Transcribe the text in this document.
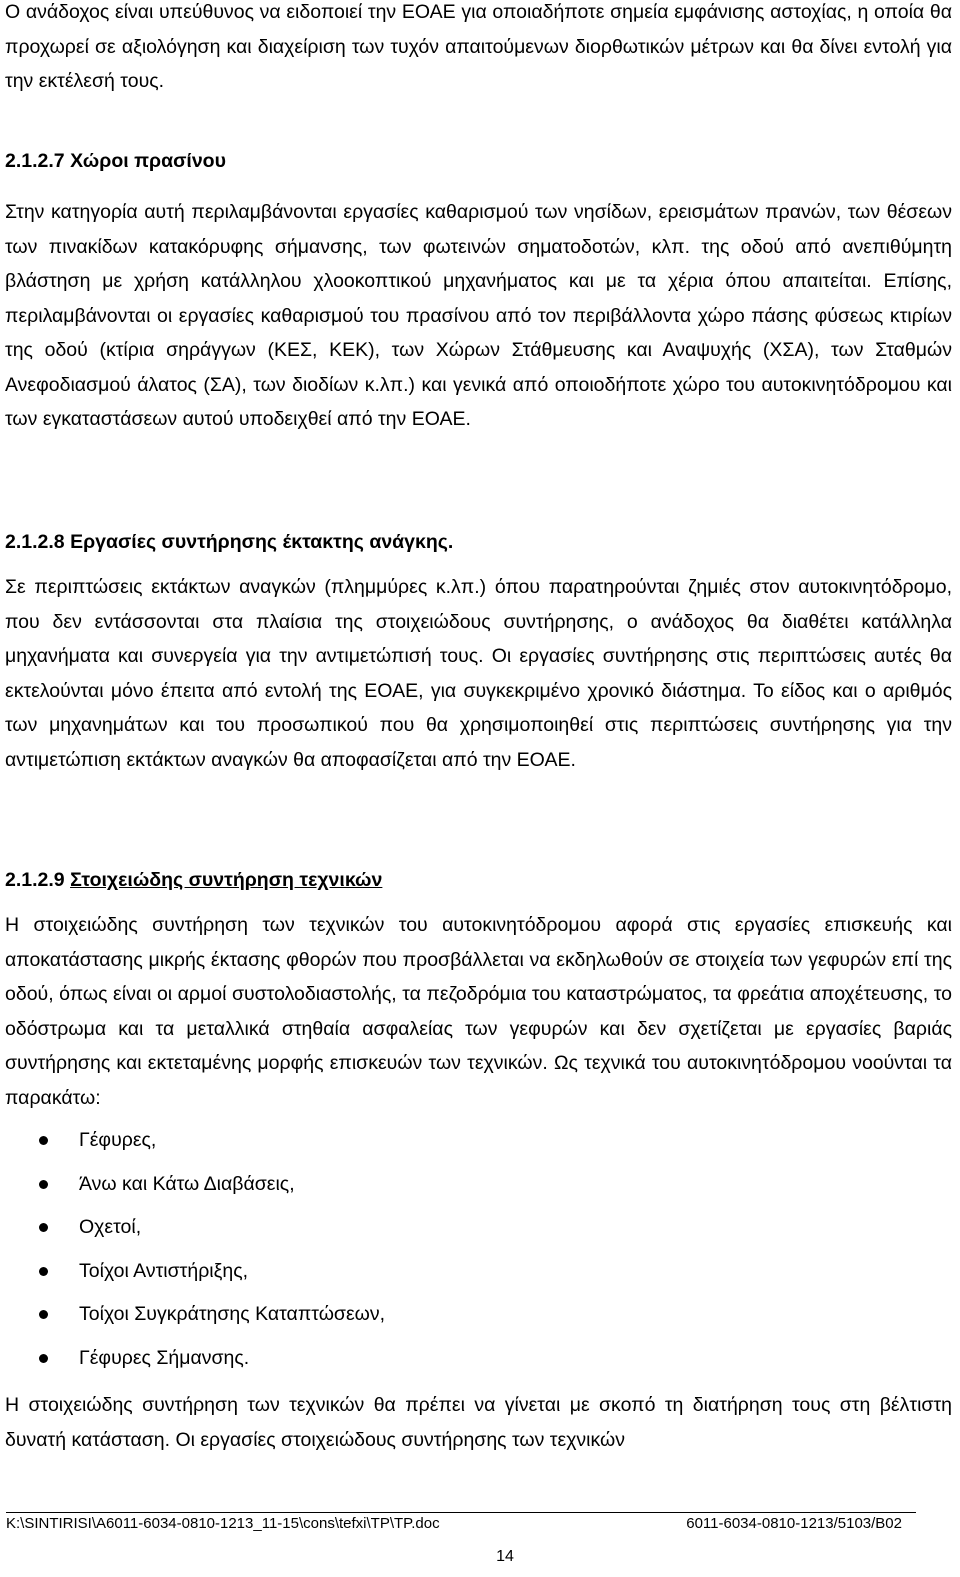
Ο ανάδοχος είναι υπεύθυνος να ειδοποιεί την ΕΟΑΕ για οποιαδήποτε σημεία εμφάνισης αστοχίας, η οποία θα προχωρεί σε αξιολόγηση και διαχείριση των τυχόν απαιτούμενων διορθωτικών μέτρων και θα δίνει εντολή για την εκτέλεσή τους.

2.1.2.7 Χώροι πρασίνου

Στην κατηγορία αυτή περιλαμβάνονται εργασίες καθαρισμού των νησίδων, ερεισμάτων πρανών, των θέσεων των πινακίδων κατακόρυφης σήμανσης, των φωτεινών σηματοδοτών, κλπ. της οδού από ανεπιθύμητη βλάστηση με χρήση κατάλληλου χλοοκοπτικού μηχανήματος και με τα χέρια όπου απαιτείται. Επίσης, περιλαμβάνονται οι εργασίες καθαρισμού του πρασίνου από τον περιβάλλοντα χώρο πάσης φύσεως κτιρίων της οδού (κτίρια σηράγγων (ΚΕΣ, ΚΕΚ), των Χώρων Στάθμευσης και Αναψυχής (ΧΣΑ), των Σταθμών Ανεφοδιασμού άλατος (ΣΑ), των διοδίων κ.λπ.) και γενικά από οποιοδήποτε χώρο του αυτοκινητόδρομου και των εγκαταστάσεων αυτού υποδειχθεί από την ΕΟΑΕ.

2.1.2.8 Εργασίες συντήρησης έκτακτης ανάγκης.

Σε περιπτώσεις εκτάκτων αναγκών (πλημμύρες κ.λπ.) όπου παρατηρούνται ζημιές στον αυτοκινητόδρομο, που δεν εντάσσονται στα πλαίσια της στοιχειώδους συντήρησης, ο ανάδοχος θα διαθέτει κατάλληλα μηχανήματα και συνεργεία για την αντιμετώπισή τους. Οι εργασίες συντήρησης στις περιπτώσεις αυτές θα εκτελούνται μόνο έπειτα από εντολή της ΕΟΑΕ, για συγκεκριμένο χρονικό διάστημα. Το είδος και ο αριθμός των μηχανημάτων και του προσωπικού που θα χρησιμοποιηθεί στις περιπτώσεις συντήρησης για την αντιμετώπιση εκτάκτων αναγκών θα αποφασίζεται από την ΕΟΑΕ.

2.1.2.9 Στοιχειώδης συντήρηση τεχνικών

Η στοιχειώδης συντήρηση των τεχνικών του αυτοκινητόδρομου αφορά στις εργασίες επισκευής και αποκατάστασης μικρής έκτασης φθορών που προσβάλλεται να εκδηλωθούν σε στοιχεία των γεφυρών επί της οδού, όπως είναι οι αρμοί συστολοδιαστολής, τα πεζοδρόμια του καταστρώματος, τα φρεάτια αποχέτευσης, το οδόστρωμα και τα μεταλλικά στηθαία ασφαλείας των γεφυρών και δεν σχετίζεται με εργασίες βαριάς συντήρησης και εκτεταμένης μορφής επισκευών των τεχνικών. Ως τεχνικά του αυτοκινητόδρομου νοούνται τα παρακάτω:

Γέφυρες,
Άνω και Κάτω Διαβάσεις,
Οχετοί,
Τοίχοι Αντιστήριξης,
Τοίχοι Συγκράτησης Καταπτώσεων,
Γέφυρες Σήμανσης.

Η στοιχειώδης συντήρηση των τεχνικών θα πρέπει να γίνεται με σκοπό τη διατήρηση τους στη βέλτιστη δυνατή κατάσταση. Οι εργασίες στοιχειώδους συντήρησης των τεχνικών

K:\SINTIRISI\A6011-6034-0810-1213_11-15\cons\tefxi\TP\TP.doc	6011-6034-0810-1213/5103/B02
14
